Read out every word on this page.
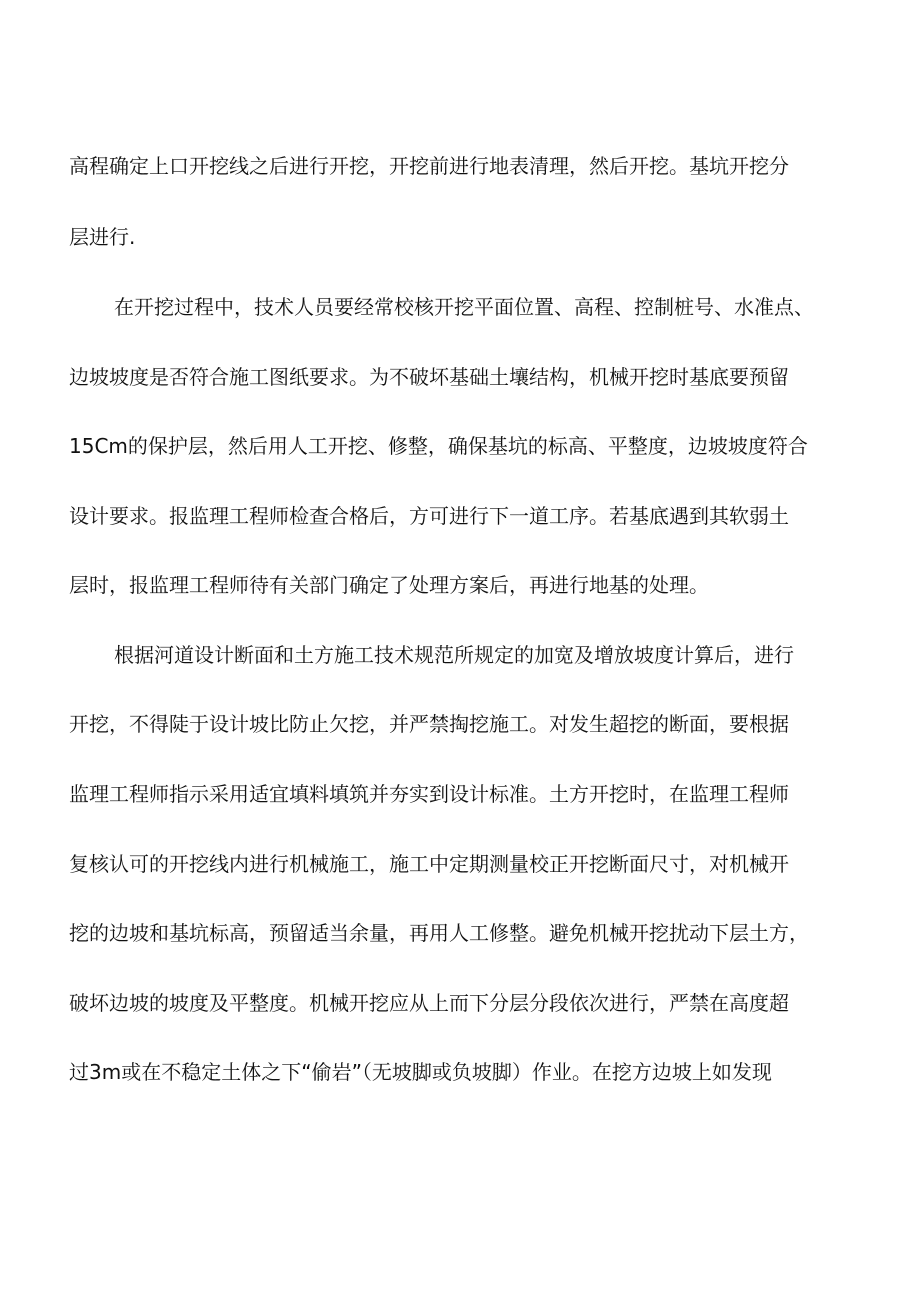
高程确定上口开挖线之后进行开挖，开挖前进行地表清理，然后开挖。基坑开挖分
层进行.
在开挖过程中，技术人员要经常校核开挖平面位置、高程、控制桩号、水准点、
边坡坡度是否符合施工图纸要求。为不破坏基础土壤结构，机械开挖时基底要预留
15Cm的保护层，然后用人工开挖、修整，确保基坑的标高、平整度，边坡坡度符合
设计要求。报监理工程师检查合格后，方可进行下一道工序。若基底遇到其软弱土
层时，报监理工程师待有关部门确定了处理方案后，再进行地基的处理。
根据河道设计断面和土方施工技术规范所规定的加宽及增放坡度计算后，进行
开挖，不得陡于设计坡比防止欠挖，并严禁掏挖施工。对发生超挖的断面，要根据
监理工程师指示采用适宜填料填筑并夯实到设计标准。土方开挖时，在监理工程师
复核认可的开挖线内进行机械施工，施工中定期测量校正开挖断面尺寸，对机械开
挖的边坡和基坑标高，预留适当余量，再用人工修整。避免机械开挖扰动下层土方，
破坏边坡的坡度及平整度。机械开挖应从上而下分层分段依次进行，严禁在高度超
过3m或在不稳定土体之下“偷岩”（无坡脚或负坡脚）作业。在挖方边坡上如发现
